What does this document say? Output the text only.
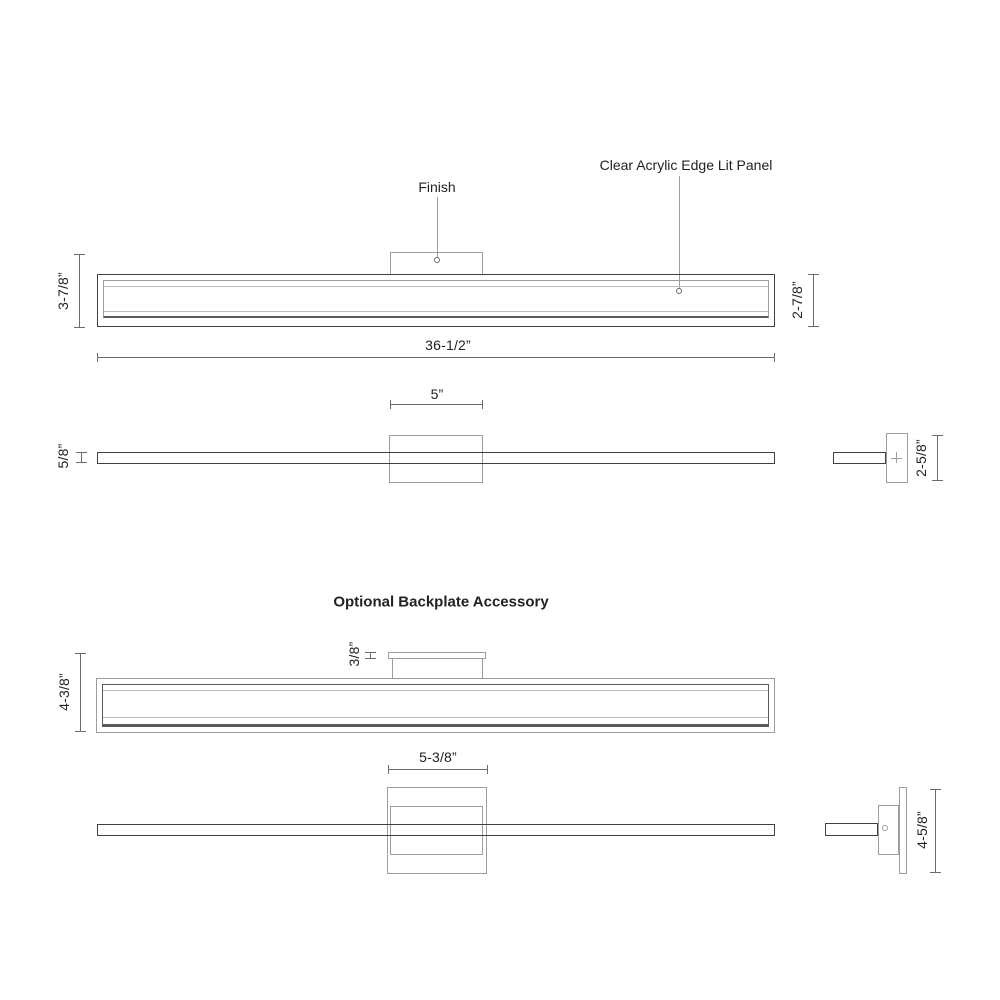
Finish
Clear Acrylic Edge Lit Panel
3-7/8”	2-7/8”
36-1/2”
5”
5/8”	2-5/8”
Optional Backplate Accessory
4-3/8”
3/8”
5-3/8”
4-5/8”
